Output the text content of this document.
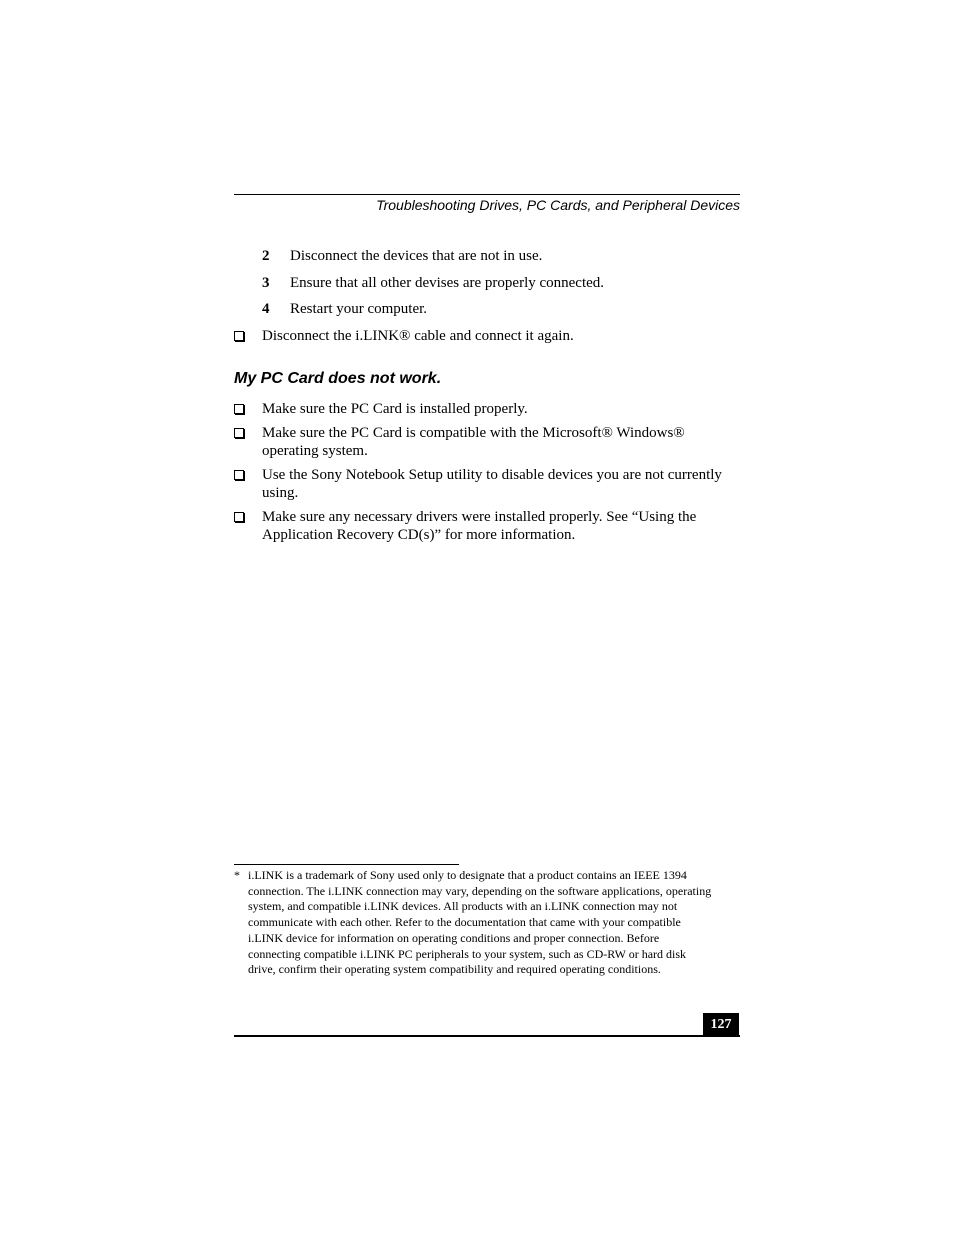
Troubleshooting Drives, PC Cards, and Peripheral Devices
2 Disconnect the devices that are not in use.
3 Ensure that all other devises are properly connected.
4 Restart your computer.
Disconnect the i.LINK® cable and connect it again.
My PC Card does not work.
Make sure the PC Card is installed properly.
Make sure the PC Card is compatible with the Microsoft® Windows® operating system.
Use the Sony Notebook Setup utility to disable devices you are not currently using.
Make sure any necessary drivers were installed properly. See “Using the Application Recovery CD(s)” for more information.
* i.LINK is a trademark of Sony used only to designate that a product contains an IEEE 1394 connection. The i.LINK connection may vary, depending on the software applications, operating system, and compatible i.LINK devices. All products with an i.LINK connection may not communicate with each other. Refer to the documentation that came with your compatible i.LINK device for information on operating conditions and proper connection. Before connecting compatible i.LINK PC peripherals to your system, such as CD-RW or hard disk drive, confirm their operating system compatibility and required operating conditions.
127
